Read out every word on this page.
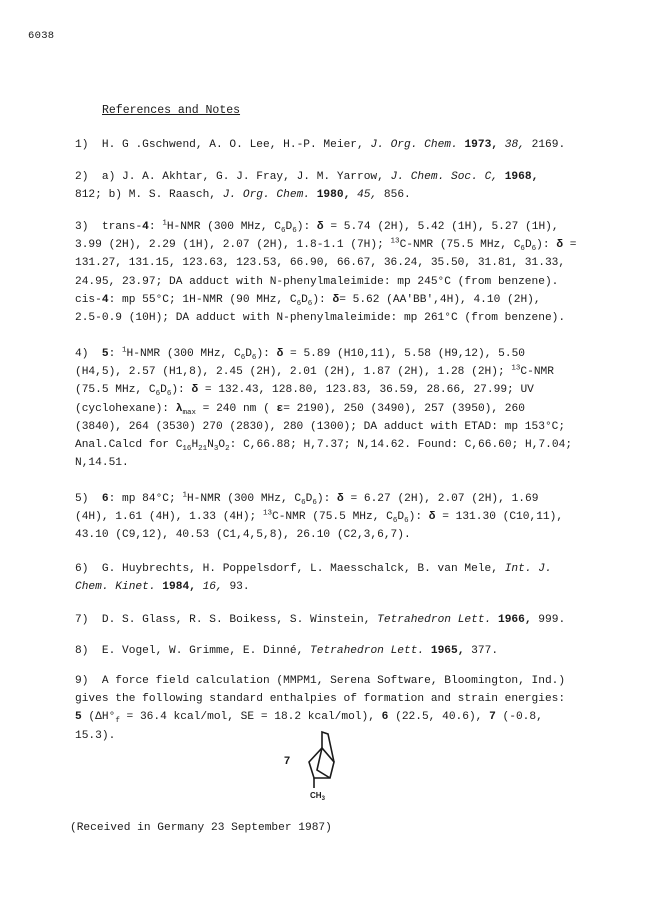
6038
References and Notes
1) H. G .Gschwend, A. O. Lee, H.-P. Meier, J. Org. Chem. 1973, 38, 2169.
2) a) J. A. Akhtar, G. J. Fray, J. M. Yarrow, J. Chem. Soc. C, 1968,
812; b) M. S. Raasch, J. Org. Chem. 1980, 45, 856.
3) trans-4: $^1$H-NMR (300 MHz, $C_6D_6$): δ = 5.74 (2H), 5.42 (1H), 5.27 (1H),
3.99 (2H), 2.29 (1H), 2.07 (2H), 1.8-1.1 (7H); $^{13}$C-NMR (75.5 MHz, $C_6D_6$): δ =
131.27, 131.15, 123.63, 123.53, 66.90, 66.67, 36.24, 35.50, 31.81, 31.33,
24.95, 23.97; DA adduct with N-phenylmaleimide: mp 245°C (from benzene).
cis-4: mp 55°C; 1H-NMR (90 MHz, $C_6D_6$): δ= 5.62 (AA'BB',4H), 4.10 (2H),
2.5-0.9 (10H); DA adduct with N-phenylmaleimide: mp 261°C (from benzene).
4) 5: $^1$H-NMR (300 MHz, $C_6D_6$): δ = 5.89 (H10,11), 5.58 (H9,12), 5.50
(H4,5), 2.57 (H1,8), 2.45 (2H), 2.01 (2H), 1.87 (2H), 1.28 (2H); $^{13}$C-NMR
(75.5 MHz, $C_6D_6$): δ = 132.43, 128.80, 123.83, 36.59, 28.66, 27.99; UV
(cyclohexane): $\lambda_{max} = 240$ nm ( ε= 2190), 250 (3490), 257 (3950), 260
(3840), 264 (3530) 270 (2830), 280 (1300); DA adduct with ETAD: mp 153°C;
Anal.Calcd for $C_{16}H_{21}N_3O_2$: C,66.88; H,7.37; N,14.62. Found: C,66.60; H,7.04;
N,14.51.
5) 6: mp 84°C; $^1$H-NMR (300 MHz, $C_6D_6$): δ = 6.27 (2H), 2.07 (2H), 1.69
(4H), 1.61 (4H), 1.33 (4H); $^{13}$C-NMR (75.5 MHz, $C_6D_6$): δ = 131.30 (C10,11),
43.10 (C9,12), 40.53 (C1,4,5,8), 26.10 (C2,3,6,7).
6) G. Huybrechts, H. Poppelsdorf, L. Maesschalck, B. van Mele, Int. J.
Chem. Kinet. 1984, 16, 93.
7) D. S. Glass, R. S. Boikess, S. Winstein, Tetrahedron Lett. 1966, 999.
8) E. Vogel, W. Grimme, E. Dinné, Tetrahedron Lett. 1965, 377.
9) A force field calculation (MMPM1, Serena Software, Bloomington, Ind.)
gives the following standard enthalpies of formation and strain energies:
5 ($\Delta H^\circ_f = 36.4$ kcal/mol, SE = 18.2 kcal/mol), 6 (22.5, 40.6), 7 (-0.8,
15.3).
7
$CH_3$
(Received in Germany 23 September 1987)
